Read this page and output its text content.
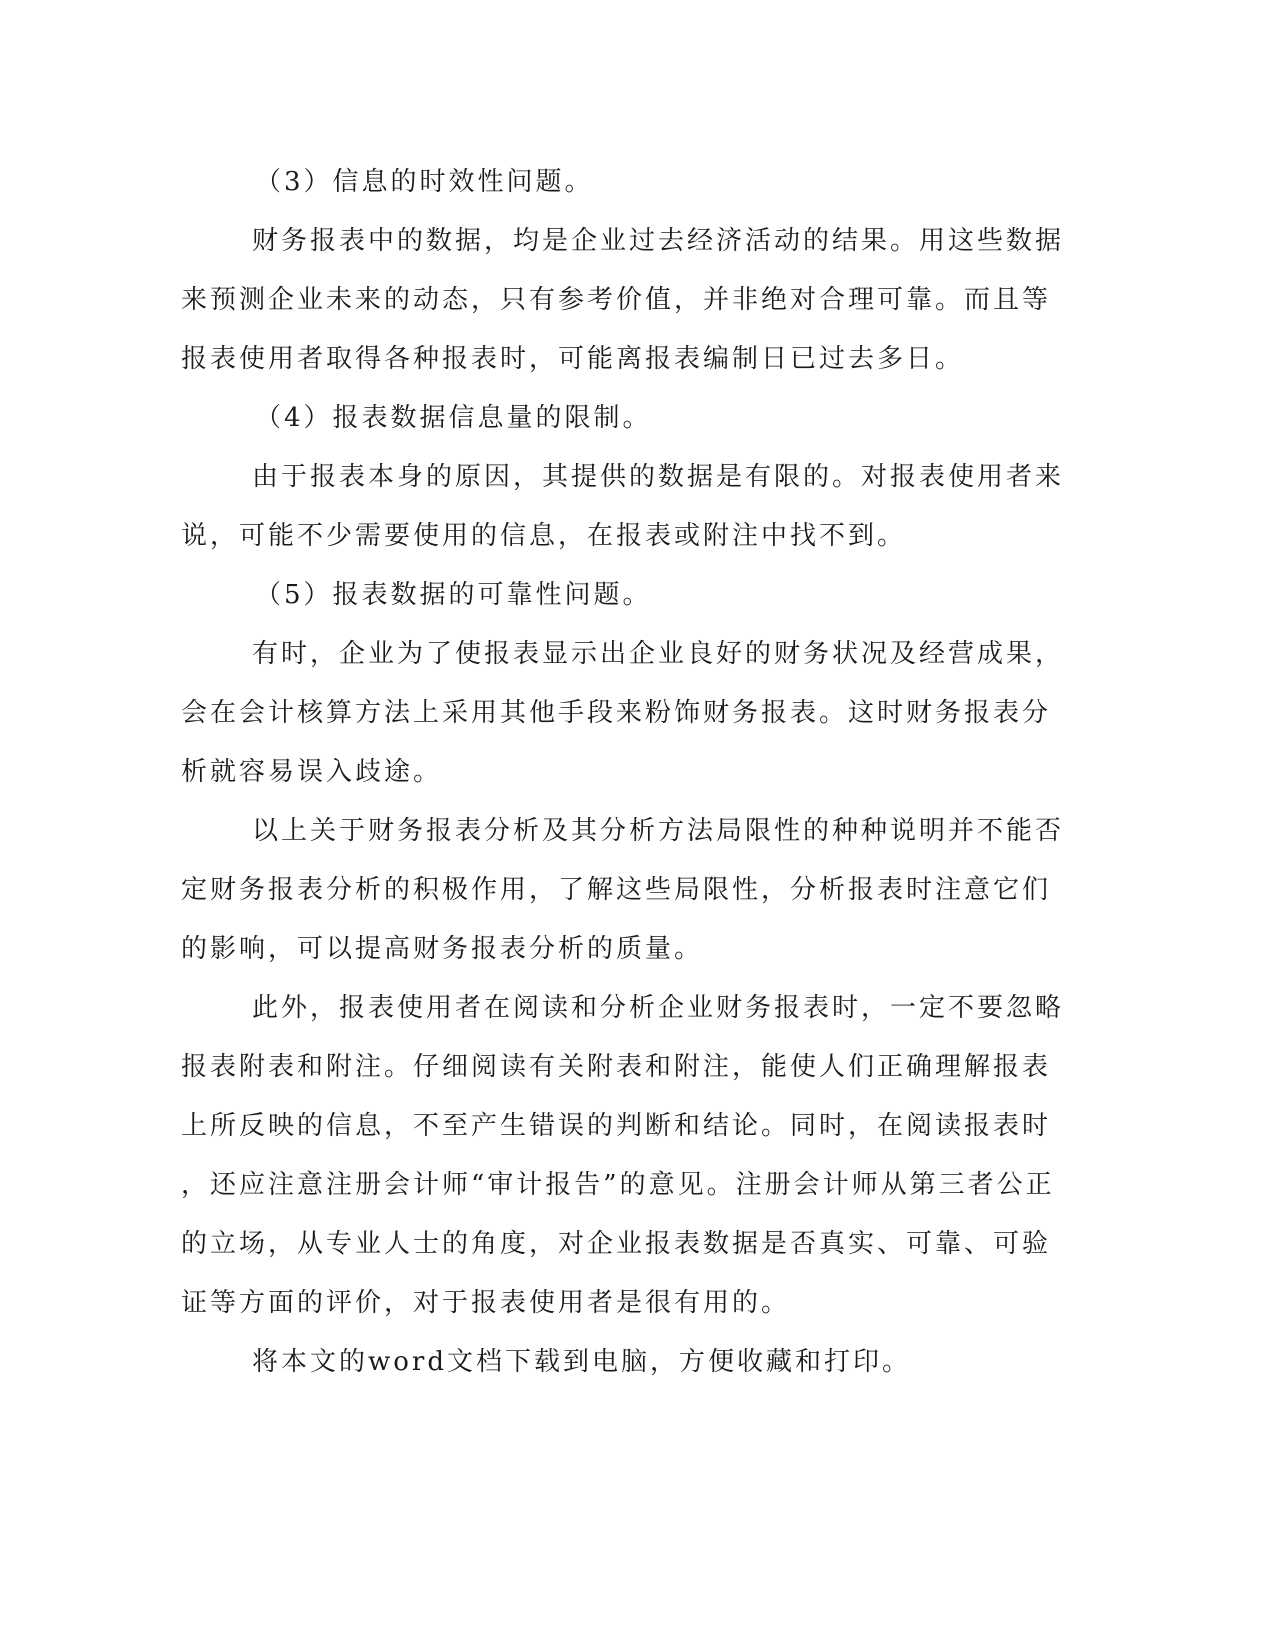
（3）信息的时效性问题。
财务报表中的数据，均是企业过去经济活动的结果。用这些数据
来预测企业未来的动态，只有参考价值，并非绝对合理可靠。而且等
报表使用者取得各种报表时，可能离报表编制日已过去多日。
（4）报表数据信息量的限制。
由于报表本身的原因，其提供的数据是有限的。对报表使用者来
说，可能不少需要使用的信息，在报表或附注中找不到。
（5）报表数据的可靠性问题。
有时，企业为了使报表显示出企业良好的财务状况及经营成果，
会在会计核算方法上采用其他手段来粉饰财务报表。这时财务报表分
析就容易误入歧途。
以上关于财务报表分析及其分析方法局限性的种种说明并不能否
定财务报表分析的积极作用，了解这些局限性，分析报表时注意它们
的影响，可以提高财务报表分析的质量。
此外，报表使用者在阅读和分析企业财务报表时，一定不要忽略
报表附表和附注。仔细阅读有关附表和附注，能使人们正确理解报表
上所反映的信息，不至产生错误的判断和结论。同时，在阅读报表时
，还应注意注册会计师“审计报告”的意见。注册会计师从第三者公正
的立场，从专业人士的角度，对企业报表数据是否真实、可靠、可验
证等方面的评价，对于报表使用者是很有用的。
将本文的word文档下载到电脑，方便收藏和打印。
